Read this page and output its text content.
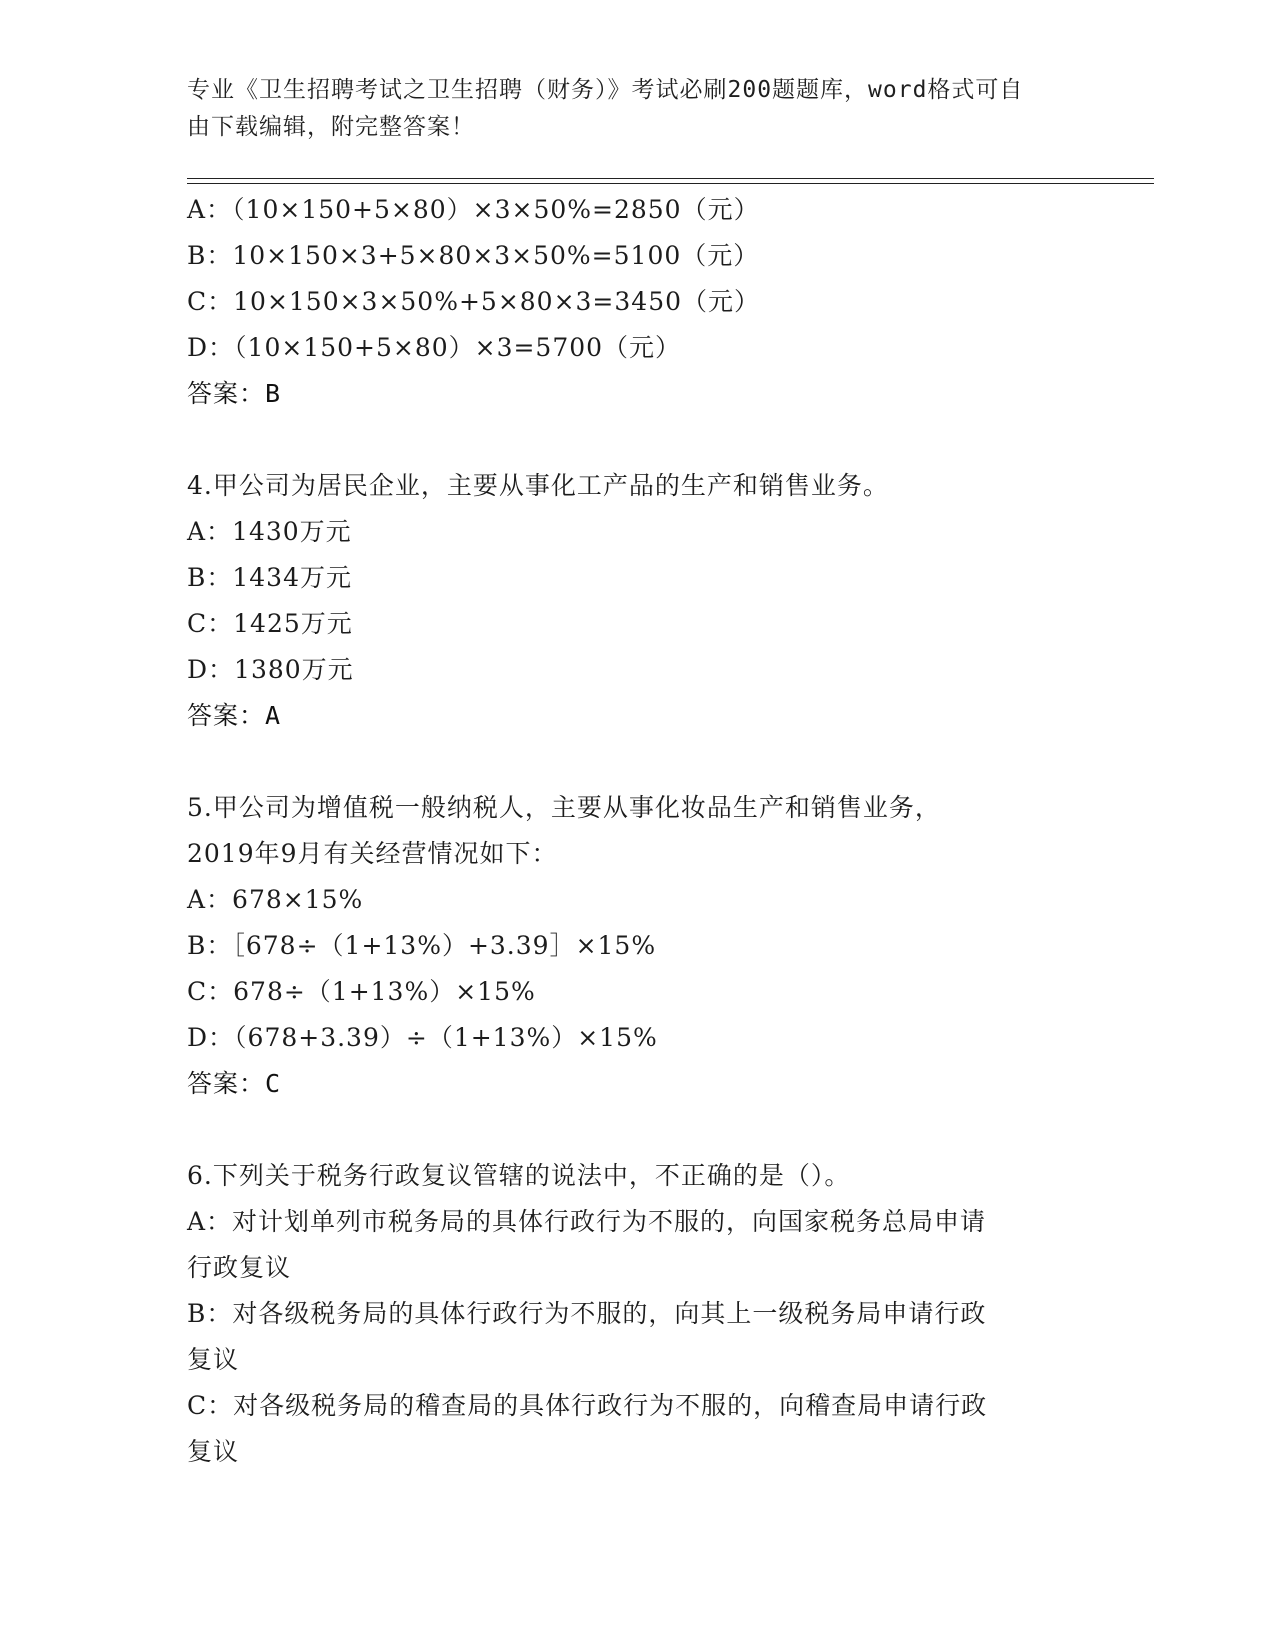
专业《卫生招聘考试之卫生招聘（财务）》考试必刷200题题库，word格式可自
由下载编辑，附完整答案！
A：（10×150+5×80）×3×50%=2850（元）
B：10×150×3+5×80×3×50%=5100（元）
C：10×150×3×50%+5×80×3=3450（元）
D：（10×150+5×80）×3=5700（元）
答案：B
4.甲公司为居民企业，主要从事化工产品的生产和销售业务。
A：1430万元
B：1434万元
C：1425万元
D：1380万元
答案：A
5.甲公司为增值税一般纳税人，主要从事化妆品生产和销售业务，
2019年9月有关经营情况如下：
A：678×15%
B：［678÷（1+13%）+3.39］×15%
C：678÷（1+13%）×15%
D：（678+3.39）÷（1+13%）×15%
答案：C
6.下列关于税务行政复议管辖的说法中，不正确的是（）。
A：对计划单列市税务局的具体行政行为不服的，向国家税务总局申请
行政复议
B：对各级税务局的具体行政行为不服的，向其上一级税务局申请行政
复议
C：对各级税务局的稽查局的具体行政行为不服的，向稽查局申请行政
复议
